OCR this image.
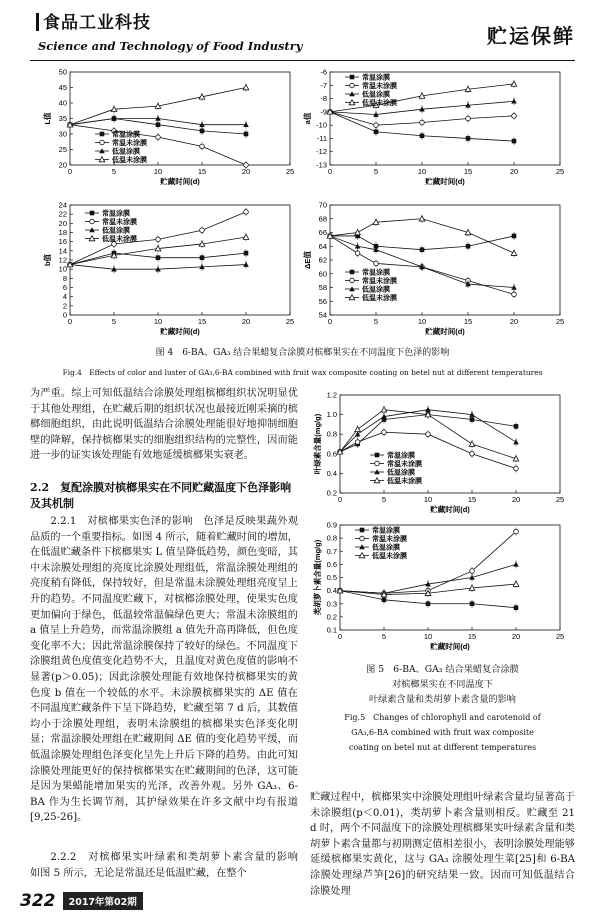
食品工业科技
Science and Technology of Food Industry	贮运保鲜
20
25
30
35
40
45
50
0	5	10	15	20	25
贮藏时间(d)
L值
常温涂膜
常温未涂膜
低温涂膜
低温未涂膜	-13
-12
-11
-10
-9
-8
-7
-6
0	5	10	15	20	25
贮藏时间(d)
a值
常温涂膜
常温未涂膜
低温涂膜
低温未涂膜
0
2
4
6
8
10
12
14
16
18
20
22
24
0	5	10	15	20	25
贮藏时间(d)
b值
常温涂膜
常温未涂膜
低温涂膜
低温未涂膜
54
56
58
60
62
64
66
68
70
0	5	10	15	20	25
贮藏时间(d)
ΔE值
常温涂膜
常温未涂膜
低温涂膜
低温未涂膜
图 4　6-BA、GA₃ 结合果蜡复合涂膜对槟榔果实在不同温度下色泽的影响
Fig.4　Effects of color and luster of GA₃,6-BA combined with fruit wax composite coating on betel nut at different temperatures

为严重。综上可知低温结合涂膜处理组槟榔组织状况明显优于其他处理组，在贮藏后期的组织状况也最接近刚采摘的槟榔细胞组织，由此说明低温结合涂膜处理能很好地抑制细胞壁的降解，保持槟榔果实的细胞组织结构的完整性，因而能进一步的证实该处理能有效地延缓槟榔果实衰老。

2.2　复配涂膜对槟榔果实在不同贮藏温度下色泽影响及其机制

2.2.1　对槟榔果实色泽的影响　色泽是反映果蔬外观品质的一个重要指标。如图 4 所示，随着贮藏时间的增加，在低温贮藏条件下槟榔果实 L 值呈降低趋势，颜色变暗，其中未涂膜处理组的亮度比涂膜处理组低，常温涂膜处理组的亮度稍有降低，保持较好，但是常温未涂膜处理组亮度呈上升的趋势。不同温度贮藏下，对槟榔涂膜处理，使果实色度更加偏向于绿色，低温较常温偏绿色更大；常温未涂膜组的 a 值呈上升趋势，而常温涂膜组 a 值先升高再降低，但色度变化率不大；因此常温涂膜保持了较好的绿色。不同温度下涂膜组黄色度值变化趋势不大，且温度对黄色度值的影响不显著(p＞0.05)；因此涂膜处理能有效地保持槟榔果实的黄色度 b 值在一个较低的水平。未涂膜槟榔果实的 ΔE 值在不同温度贮藏条件下呈下降趋势，贮藏至第 7 d 后，其数值均小于涂膜处理组，表明未涂膜组的槟榔果实色泽变化明显；常温涂膜处理组在贮藏期间 ΔE 值的变化趋势平缓，而低温涂膜处理组色泽变化呈先上升后下降的趋势。由此可知涂膜处理能更好的保持槟榔果实在贮藏期间的色泽，这可能是因为果蜡能增加果实的光泽，改善外观。另外 GA₃、6-BA 作为生长调节剂，其护绿效果在许多文献中均有报道[9,25-26]。

2.2.2　对槟榔果实叶绿素和类胡萝卜素含量的影响　如图 5 所示，无论是常温还是低温贮藏，在整个

0.2
0.4
0.6
0.8
1.0
1.2
0	5	10	15	20	25
贮藏时间(d)
叶绿素含量(mg/g)	常温涂膜
常温未涂膜
低温涂膜
低温未涂膜
0.1
0.2
0.3
0.4
0.5
0.6
0.7
0.8
0.9
0	5	10	15	20	25
贮藏时间(d)
类胡萝卜素含量(mg/g)
常温涂膜
常温未涂膜
低温涂膜
低温未涂膜
图 5　6-BA、GA₃ 结合果蜡复合涂膜
对槟榔果实在不同温度下
叶绿素含量和类胡萝卜素含量的影响
Fig.5　Changes of chlorophyll and carotenoid of
GA₃,6-BA combined with fruit wax composite
coating on betel nut at different temperatures

贮藏过程中，槟榔果实中涂膜处理组叶绿素含量均显著高于未涂膜组(p＜0.01)，类胡萝卜素含量则相反。贮藏至 21 d 时，两个不同温度下的涂膜处理槟榔果实叶绿素含量和类胡萝卜素含量都与初期测定值相差很小，表明涂膜处理能够延缓槟榔果实黄化，这与 GA₃ 涂膜处理生菜[25]和 6-BA 涂膜处理绿芦笋[26]的研究结果一致。因而可知低温结合涂膜处理

322 2017年第02期
